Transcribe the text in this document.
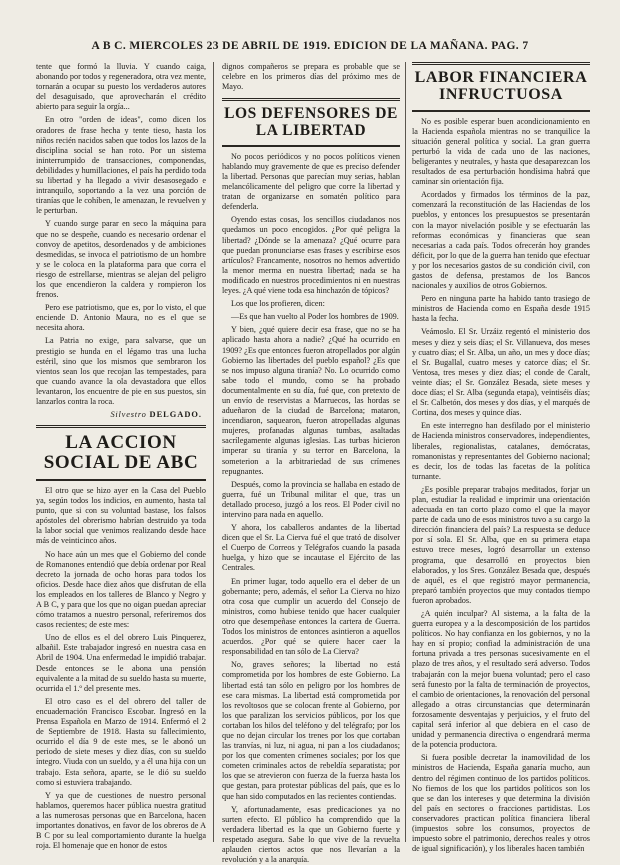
A B C. MIERCOLES 23 DE ABRIL DE 1919. EDICION DE LA MAÑANA. PAG. 7

tente que formó la lluvia. Y cuando caiga, abonando por todos y regeneradora, otra vez mente, tornarán a ocupar su puesto los verdaderos autores del desaguisado, que aprovecharán el crédito abierto para seguir la orgía...

En otro "orden de ideas", como dicen los oradores de frase hecha y tente tieso, hasta los niños recién nacidos saben que todos los lazos de la disciplina social se han roto. Por un sistema ininterrumpido de transacciones, componendas, debilidades y humillaciones, el país ha perdido toda su libertad y ha llegado a vivir desasosegado e intranquilo, soportando a la vez una porción de tiranías que le cohíben, le amenazan, le revuelven y le perturban.

Y cuando surge parar en seco la máquina para que no se despeñe, cuando es necesario ordenar el convoy de apetitos, desordenados y de ambiciones desmedidas, se invoca el patriotismo de un hombre y se le coloca en la plataforma para que corra el riesgo de estrellarse, mientras se alejan del peligro los que encendieron la caldera y rompieron los frenos.

Pero ese patriotismo, que es, por lo visto, el que enciende D. Antonio Maura, no es el que se necesita ahora.

La Patria no exige, para salvarse, que un prestigio se hunda en el légamo tras una lucha estéril, sino que los mismos que sembraron los vientos sean los que recojan las tempestades, para que cuando avance la ola devastadora que ellos levantaron, los encuentre de pie en sus puestos, sin lanzarlos contra la roca.

Silvestro DELGADO.
LA ACCION SOCIAL DE ABC

El otro que se hizo ayer en la Casa del Pueblo ya, según todos los indicios, en aumento, hasta tal punto, que si con su voluntad bastase, los falsos apóstoles del obrerismo habrían destruido ya toda la labor social que venimos realizando desde hace más de veinticinco años.

No hace aún un mes que el Gobierno del conde de Romanones entendió que debía ordenar por Real decreto la jornada de ocho horas para todos los oficios. Desde hace diez años que disfrutan de ella los empleados en los talleres de Blanco y Negro y A B C, y para que los que no oigan puedan apreciar cómo tratamos a nuestro personal, referiremos dos casos recientes; de este mes:

Uno de ellos es el del obrero Luis Pinquerez, albañil. Este trabajador ingresó en nuestra casa en Abril de 1904. Una enfermedad le impidió trabajar. Desde entonces se le abona una pensión equivalente a la mitad de su sueldo hasta su muerte, ocurrida el 1.º del presente mes.

El otro caso es el del obrero del taller de encuadernación Francisco Escobar. Ingresó en la Prensa Española en Marzo de 1914. Enfermó el 2 de Septiembre de 1918. Hasta su fallecimiento, ocurrido el día 9 de este mes, se le abonó un periodo de siete meses y diez días, con su sueldo íntegro. Viuda con un sueldo, y a él una hija con un trabajo. Esta señora, aparte, se le dió su sueldo como si estuviera trabajando.

Y ya que de cuestiones de nuestro personal hablamos, queremos hacer pública nuestra gratitud a las numerosas personas que en Barcelona, hacen importantes donativos, en favor de los obreros de A B C por su leal comportamiento durante la huelga roja. El homenaje que en honor de estos

dignos compañeros se prepara es probable que se celebre en los primeros días del próximo mes de Mayo.

LOS DEFENSORES DE LA LIBERTAD

No pocos periódicos y no pocos políticos vienen hablando muy gravemente de que es preciso defender la libertad. Personas que parecían muy serias, hablan melancólicamente del peligro que corre la libertad y tratan de organizarse en somatén político para defenderla.

Oyendo estas cosas, los sencillos ciudadanos nos quedamos un poco encogidos. ¿Por qué peligra la libertad? ¿Dónde se la amenaza? ¿Qué ocurre para que puedan pronunciarse esas frases y escribirse esos artículos? Francamente, nosotros no hemos advertido la menor merma en nuestra libertad; nada se ha modificado en nuestros procedimientos ni en nuestras leyes. ¿A qué viene toda esa hinchazón de tópicos?

Los que los profieren, dicen:

—Es que han vuelto al Poder los hombres de 1909.

Y bien, ¿qué quiere decir esa frase, que no se ha aplicado hasta ahora a nadie? ¿Qué ha ocurrido en 1909? ¿Es que entonces fueron atropellados por algún Gobierno las libertades del pueblo español? ¿Es que se nos impuso alguna tiranía? No. Lo ocurrido como sabe todo el mundo, como se ha probado documentalmente en su día, fué que, con pretexto de un envío de reservistas a Marruecos, las hordas se adueñaron de la ciudad de Barcelona; mataron, incendiaron, saquearon, fueron atropelladas algunas mujeres, profanadas algunas tumbas, asaltadas sacrílegamente algunas iglesias. Las turbas hicieron imperar su tiranía y su terror en Barcelona, la someterion a la arbitrariedad de sus crímenes repugnantes.

Después, como la provincia se hallaba en estado de guerra, fué un Tribunal militar el que, tras un detallado proceso, juzgó a los reos. El Poder civil no intervino para nada en aquello.

Y ahora, los caballeros andantes de la libertad dicen que el Sr. La Cierva fué el que trató de disolver el Cuerpo de Correos y Telégrafos cuando la pasada huelga, y hizo que se incautase el Ejército de las Centrales.

En primer lugar, todo aquello era el deber de un gobernante; pero, además, el señor La Cierva no hizo otra cosa que cumplir un acuerdo del Consejo de ministros, como hubiese tenido que hacer cualquier otro que desempeñase entonces la cartera de Guerra. Todos los ministros de entonces asintieron a aquellos acuerdos. ¿Por qué se quiere hacer caer la responsabilidad en tan sólo de La Cierva?

No, graves señores; la libertad no está comprometida por los hombres de este Gobierno. La libertad está tan sólo en peligro por los hombres de ese cara mismas. La libertad está comprometida por los revoltosos que se colocan frente al Gobierno, por los que paralizan los servicios públicos, por los que cortaban los hilos del teléfono y del telégrafo; por los que no dejan circular los trenes por los que cortaban las tranvías, ni luz, ni agua, ni pan a los ciudadanos; por los que comenten crímenes sociales; por los que cometen criminales actos de rebeldía separatista; por los que se atrevieron con fuerza de la fuerza hasta los que gestan, para protestar públicas del país, que es lo que han sido computados en las recientes contiendas.

Y, afortunadamente, esas predicaciones ya no surten efecto. El público ha comprendido que la verdadera libertad es la que un Gobierno fuerte y respetado asegura. Sabe lo que vive de la revuelta aplauden ciertos actos que nos llevarían a la revolución y a la anarquía.

LABOR FINANCIERA INFRUCTUOSA

No es posible esperar buen acondicionamiento en la Hacienda española mientras no se tranquilice la situación general política y social. La gran guerra perturbó la vida de cada uno de las naciones, beligerantes y neutrales, y hasta que desaparezcan los resultados de esa perturbación hondísima habrá que caminar sin orientación fija.

Acordados y firmados los términos de la paz, comenzará la reconstitución de las Haciendas de los pueblos, y entonces los presupuestos se presentarán con la mayor nivelación posible y se efectuarán las reformas económicas y financieras que sean necesarias a cada país. Todos ofrecerán hoy grandes déficit, por lo que de la guerra han tenido que efectuar y por los necesarios gastos de su condición civil, con gastos de defensa, prestamos de los Bancos nacionales y auxilios de otros Gobiernos.

Pero en ninguna parte ha habido tanto trasiego de ministros de Hacienda como en España desde 1915 hasta la fecha.

Veámoslo. El Sr. Urzáiz regentó el ministerio dos meses y diez y seis días; el Sr. Villanueva, dos meses y cuatro días; el Sr. Alba, un año, un mes y doce días; el Sr. Bugallal, cuatro meses y catorce días; el Sr. Ventosa, tres meses y diez días; el conde de Caralt, veinte días; el Sr. González Besada, siete meses y doce días; el Sr. Alba (segunda etapa), veintiséis días; el Sr. Calbetón, dos meses y dos días, y el marqués de Cortina, dos meses y quince días.

En este interregno han desfilado por el ministerio de Hacienda ministros conservadores, independientes, liberales, regionalistas, catalanes, demócratas, romanonistas y representantes del Gobierno nacional; es decir, los de todas las facetas de la política turnante.

¿Es posible preparar trabajos meditados, forjar un plan, estudiar la realidad e imprimir una orientación adecuada en tan corto plazo como el que la mayor parte de cada uno de esos ministros tuvo a su cargo la dirección financiera del país? La respuesta se deduce por sí sola. El Sr. Alba, que en su primera etapa estuvo trece meses, logró desarrollar un extenso programa, que desarrolló en proyectos bien elaborados, y los Sres. González Besada que, después de aquél, es el que registró mayor permanencia, preparó también proyectos que muy contados tiempo fueron aprobados.

¿A quién inculpar? Al sistema, a la falta de la guerra europea y a la descomposición de los partidos políticos. No hay confianza en los gobiernos, y no la hay en sí propio; confiad la administración de una fortuna privada a tres personas sucesivamente en el plazo de tres años, y el resultado será adverso. Todos trabajarán con la mejor buena voluntad; pero el caso será funesto por la falta de terminación de proyectos, el cambio de orientaciones, la renovación del personal allegado a otras circunstancias que determinarán forzosamente desventajas y perjuicios, y el fruto del capital será inferior al que debiera en el caso de unidad y permanencia directiva o engendrará merma de la potencia productora.

Si fuera posible decretar la inamovilidad de los ministros de Hacienda, España ganaría mucho, aun dentro del régimen continuo de los partidos políticos. No fiemos de los que los partidos políticos son los que se dan los intereses y que determina la división del país en sectores o fracciones partidistas. Los conservadores practican política financiera liberal (impuestos sobre los consumos, proyectos de impuesto sobre el patrimonio, derechos reales y otros de igual significación), y los liberales hacen también
